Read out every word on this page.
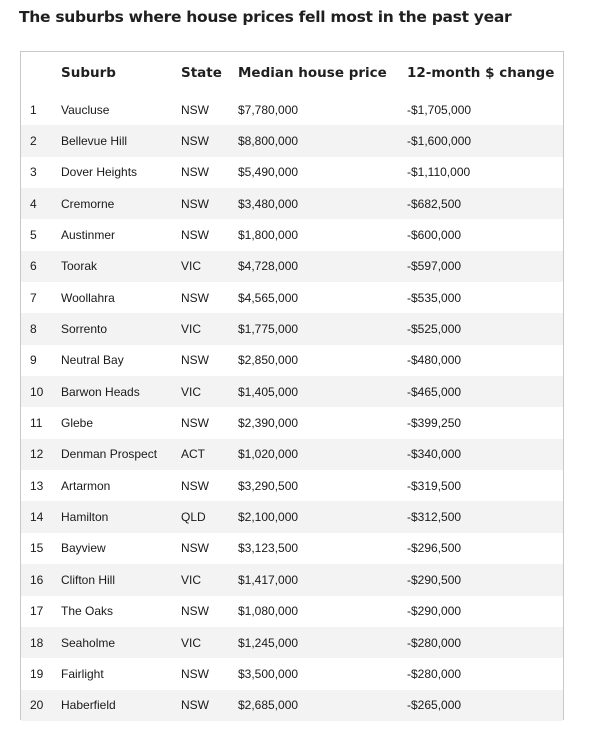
The suburbs where house prices fell most in the past year
	Suburb	State	Median house price	12-month $ change
1	Vaucluse	NSW	$7,780,000	-$1,705,000
2	Bellevue Hill	NSW	$8,800,000	-$1,600,000
3	Dover Heights	NSW	$5,490,000	-$1,110,000
4	Cremorne	NSW	$3,480,000	-$682,500
5	Austinmer	NSW	$1,800,000	-$600,000
6	Toorak	VIC	$4,728,000	-$597,000
7	Woollahra	NSW	$4,565,000	-$535,000
8	Sorrento	VIC	$1,775,000	-$525,000
9	Neutral Bay	NSW	$2,850,000	-$480,000
10	Barwon Heads	VIC	$1,405,000	-$465,000
11	Glebe	NSW	$2,390,000	-$399,250
12	Denman Prospect	ACT	$1,020,000	-$340,000
13	Artarmon	NSW	$3,290,500	-$319,500
14	Hamilton	QLD	$2,100,000	-$312,500
15	Bayview	NSW	$3,123,500	-$296,500
16	Clifton Hill	VIC	$1,417,000	-$290,500
17	The Oaks	NSW	$1,080,000	-$290,000
18	Seaholme	VIC	$1,245,000	-$280,000
19	Fairlight	NSW	$3,500,000	-$280,000
20	Haberfield	NSW	$2,685,000	-$265,000
